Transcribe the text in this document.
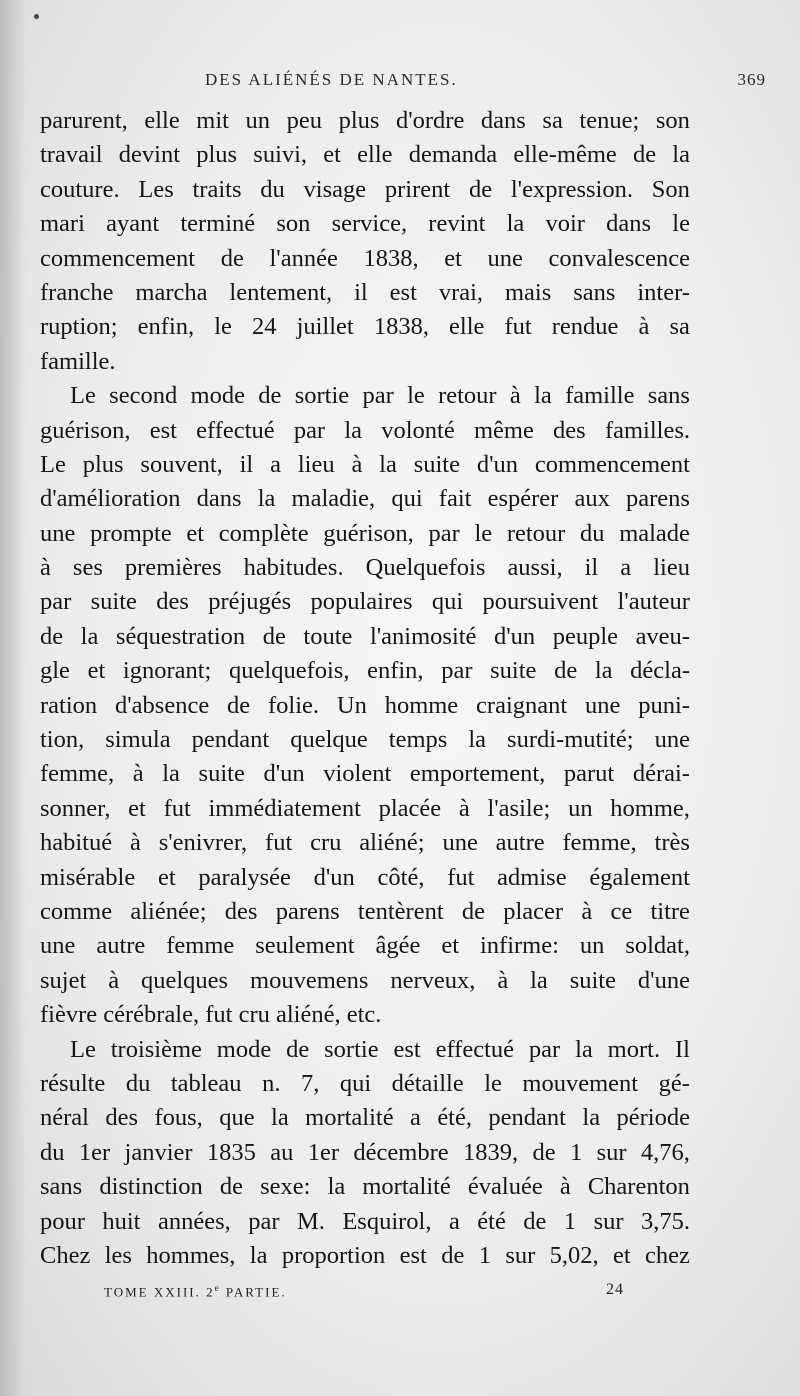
DES ALIÉNÉS DE NANTES.	369
parurent, elle mit un peu plus d'ordre dans sa tenue; son
travail devint plus suivi, et elle demanda elle-même de la
couture. Les traits du visage prirent de l'expression. Son
mari ayant terminé son service, revint la voir dans le
commencement de l'année 1838, et une convalescence
franche marcha lentement, il est vrai, mais sans inter-
ruption; enfin, le 24 juillet 1838, elle fut rendue à sa
famille.
Le second mode de sortie par le retour à la famille sans
guérison, est effectué par la volonté même des familles.
Le plus souvent, il a lieu à la suite d'un commencement
d'amélioration dans la maladie, qui fait espérer aux parens
une prompte et complète guérison, par le retour du malade
à ses premières habitudes. Quelquefois aussi, il a lieu
par suite des préjugés populaires qui poursuivent l'auteur
de la séquestration de toute l'animosité d'un peuple aveu-
gle et ignorant; quelquefois, enfin, par suite de la décla-
ration d'absence de folie. Un homme craignant une puni-
tion, simula pendant quelque temps la surdi-mutité; une
femme, à la suite d'un violent emportement, parut dérai-
sonner, et fut immédiatement placée à l'asile; un homme,
habitué à s'enivrer, fut cru aliéné; une autre femme, très
misérable et paralysée d'un côté, fut admise également
comme aliénée; des parens tentèrent de placer à ce titre
une autre femme seulement âgée et infirme: un soldat,
sujet à quelques mouvemens nerveux, à la suite d'une
fièvre cérébrale, fut cru aliéné, etc.
Le troisième mode de sortie est effectué par la mort. Il
résulte du tableau n. 7, qui détaille le mouvement gé-
néral des fous, que la mortalité a été, pendant la période
du 1er janvier 1835 au 1er décembre 1839, de 1 sur 4,76,
sans distinction de sexe: la mortalité évaluée à Charenton
pour huit années, par M. Esquirol, a été de 1 sur 3,75.
Chez les hommes, la proportion est de 1 sur 5,02, et chez
TOME XXIII. 2e PARTIE.	24
